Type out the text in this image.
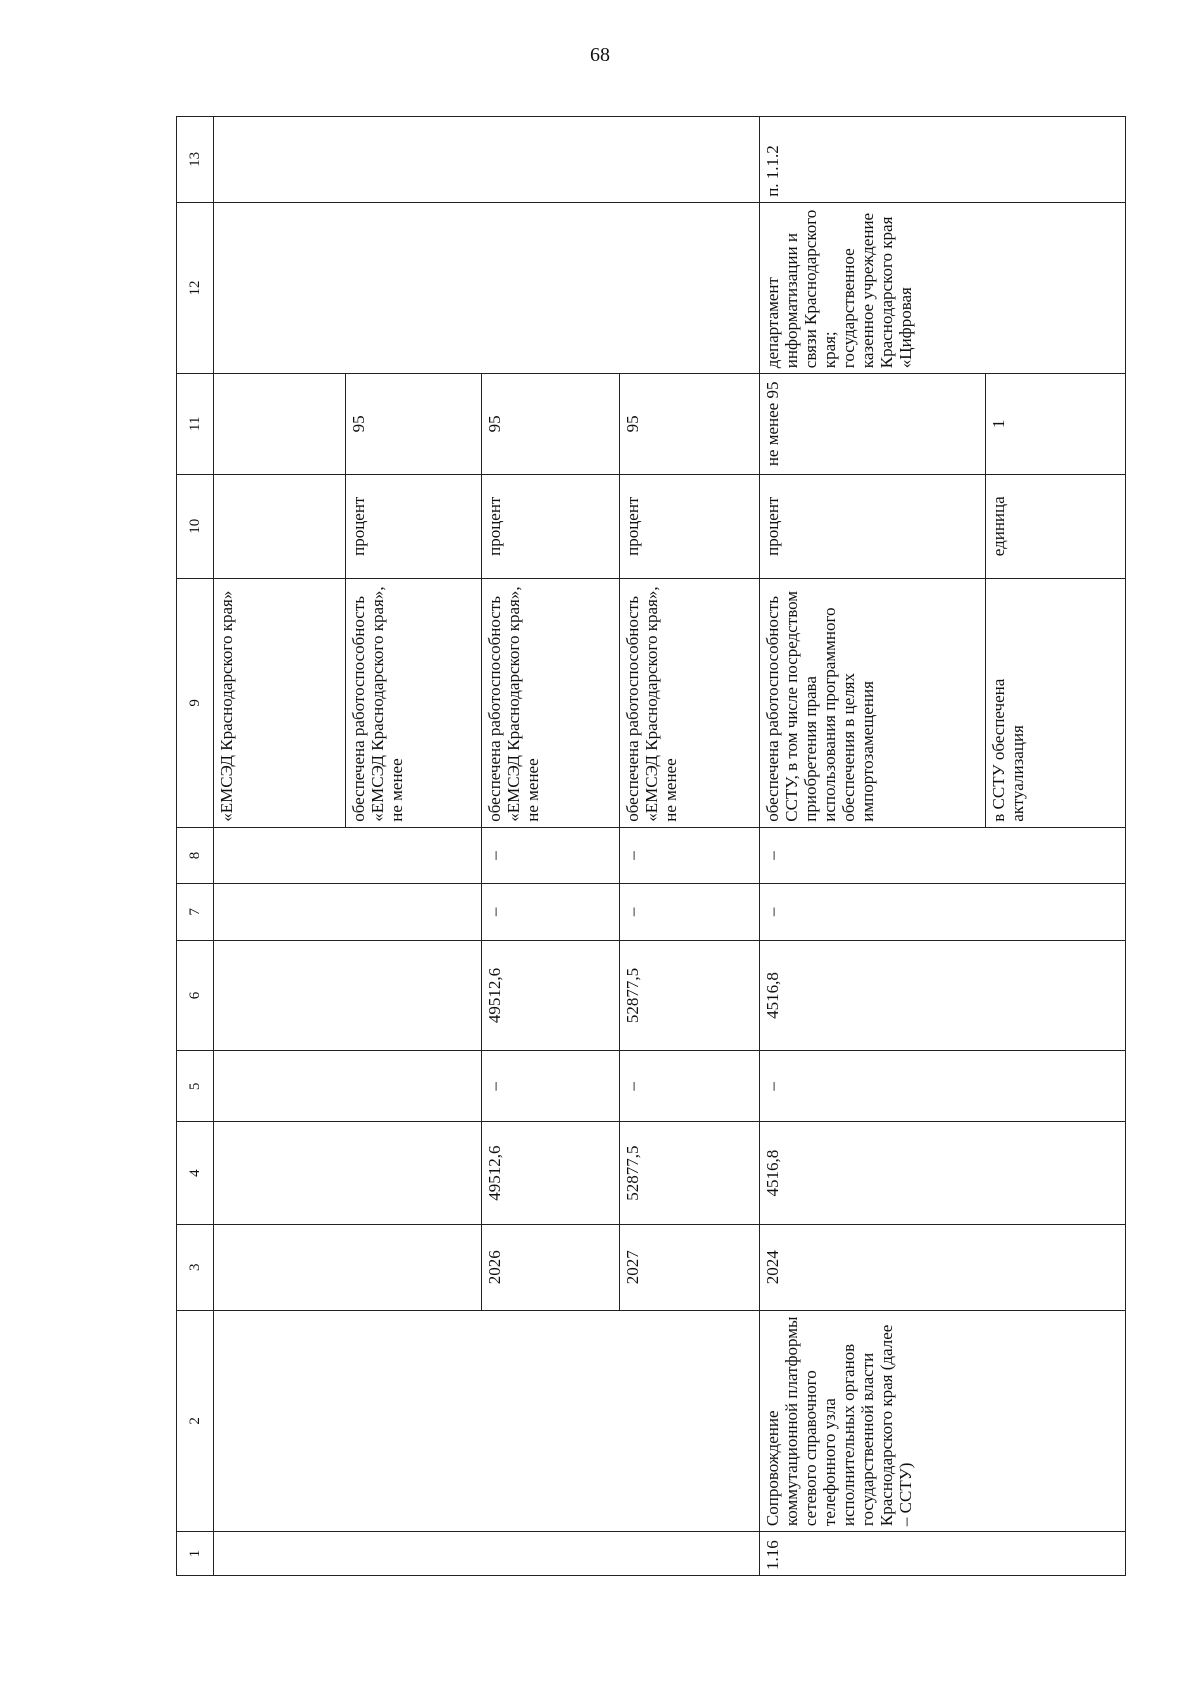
68
1	2	3	4	5	6	7	8	9	10	11	12	13
								«ЕМСЭД Краснодарского края»				
								обеспечена работоспособность «ЕМСЭД Краснодарского края», не менее	процент	95		
		2026	49512,6	–	49512,6	–	–	обеспечена работоспособность «ЕМСЭД Краснодарского края», не менее	процент	95		
		2027	52877,5	–	52877,5	–	–	обеспечена работоспособность «ЕМСЭД Краснодарского края», не менее	процент	95		
1.16	Сопровождение коммутационной платформы сетевого справочного телефонного узла исполнительных органов государственной власти Краснодарского края (далее – ССТУ)	2024	4516,8	–	4516,8	–	–	обеспечена работоспособность ССТУ, в том числе посредством приобретения права использования программного обеспечения в целях импортозамещения	процент	не менее 95	департамент информатизации и связи Краснодарского края; государственное казенное учреждение Краснодарского края «Цифровая	п. 1.1.2
								в ССТУ обеспечена актуализация	единица	1		
